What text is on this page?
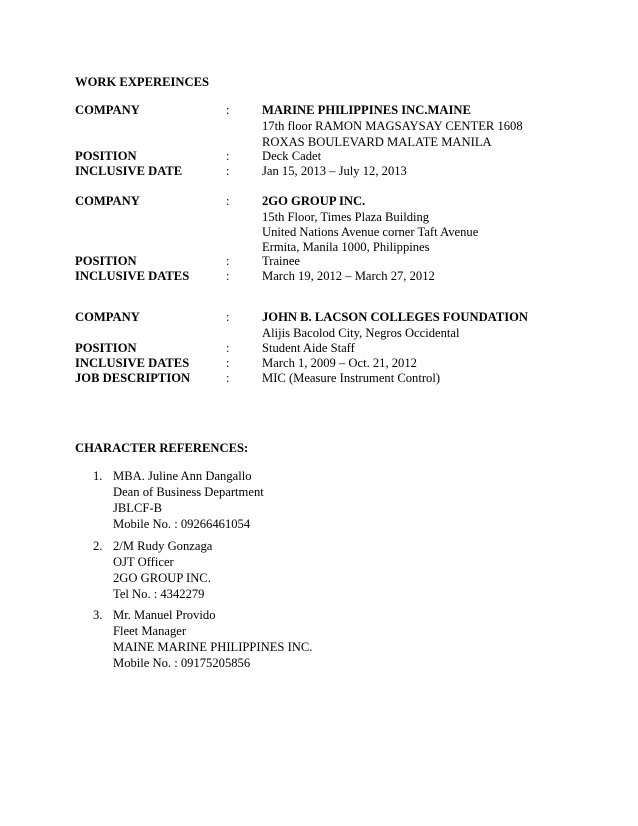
WORK EXPEREINCES
COMPANY	:	MARINE PHILIPPINES INC.MAINE
17th floor RAMON MAGSAYSAY CENTER 1608
ROXAS BOULEVARD MALATE MANILA
POSITION	:	Deck Cadet
INCLUSIVE DATE	:	Jan 15, 2013 – July 12, 2013
COMPANY	:	2GO GROUP INC.
15th Floor, Times Plaza Building
United Nations Avenue corner Taft Avenue
Ermita, Manila 1000, Philippines
POSITION	:	Trainee
INCLUSIVE DATES	:	March 19, 2012 – March 27, 2012
COMPANY	:	JOHN B. LACSON COLLEGES FOUNDATION
Alijis Bacolod City, Negros Occidental
POSITION	:	Student Aide Staff
INCLUSIVE DATES	:	March 1, 2009 – Oct. 21, 2012
JOB DESCRIPTION	:	MIC (Measure Instrument Control)
CHARACTER REFERENCES:
1. MBA. Juline Ann Dangallo
Dean of Business Department
JBLCF-B
Mobile No. : 09266461054
2. 2/M Rudy Gonzaga
OJT Officer
2GO GROUP INC.
Tel No. : 4342279
3. Mr. Manuel Provido
Fleet Manager
MAINE MARINE PHILIPPINES INC.
Mobile No. : 09175205856
